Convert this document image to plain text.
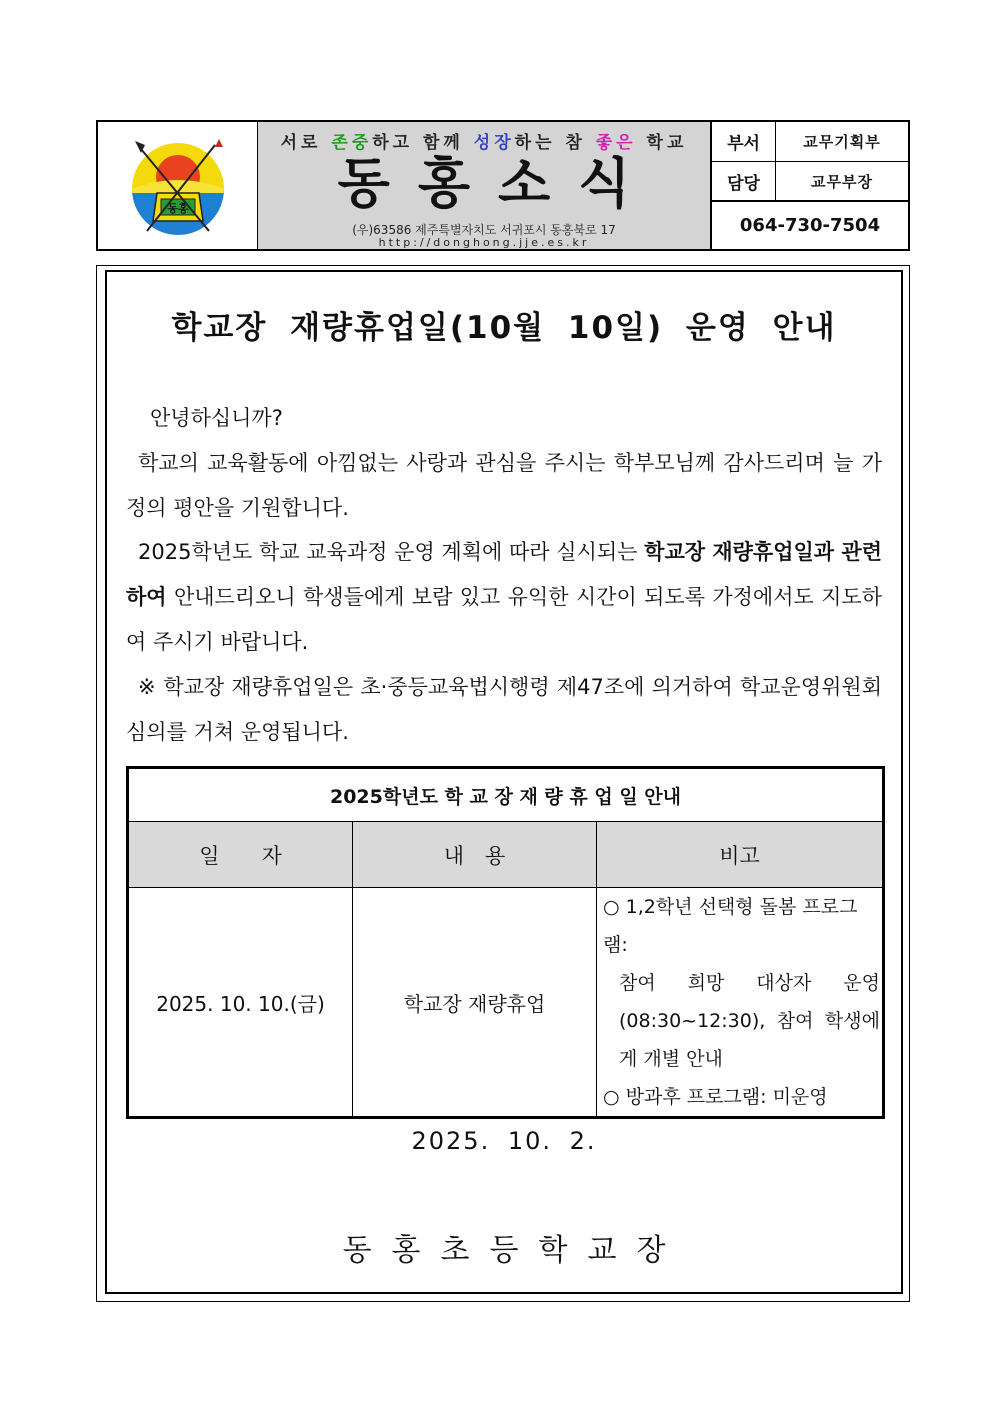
동홍
서로 존중하고 함께 성장하는 참 좋은 학교
동홍소식
(우)63586 제주특별자치도 서귀포시 동홍북로 17
http://donghong.jje.es.kr
부서	교무기획부
담당	교무부장
064-730-7504
학교장 재량휴업일(10월 10일) 운영 안내
안녕하십니까?
학교의 교육활동에 아낌없는 사랑과 관심을 주시는 학부모님께 감사드리며 늘 가정의 평안을 기원합니다.
2025학년도 학교 교육과정 운영 계획에 따라 실시되는 학교장 재량휴업일과 관련하여 안내드리오니 학생들에게 보람 있고 유익한 시간이 되도록 가정에서도 지도하여 주시기 바랍니다.
※ 학교장 재량휴업일은 초·중등교육법시행령 제47조에 의거하여 학교운영위원회 심의를 거쳐 운영됩니다.
2025학년도 학 교 장 재 량 휴 업 일 안내		
일　　자	내　용	비고
2025. 10. 10.(금)	학교장 재량휴업	○ 1,2학년 선택형 돌봄 프로그램:
참여 희망 대상자 운영(08:30~12:30), 참여 학생에게 개별 안내
○ 방과후 프로그램: 미운영
2025. 10. 2.
동홍초등학교장
